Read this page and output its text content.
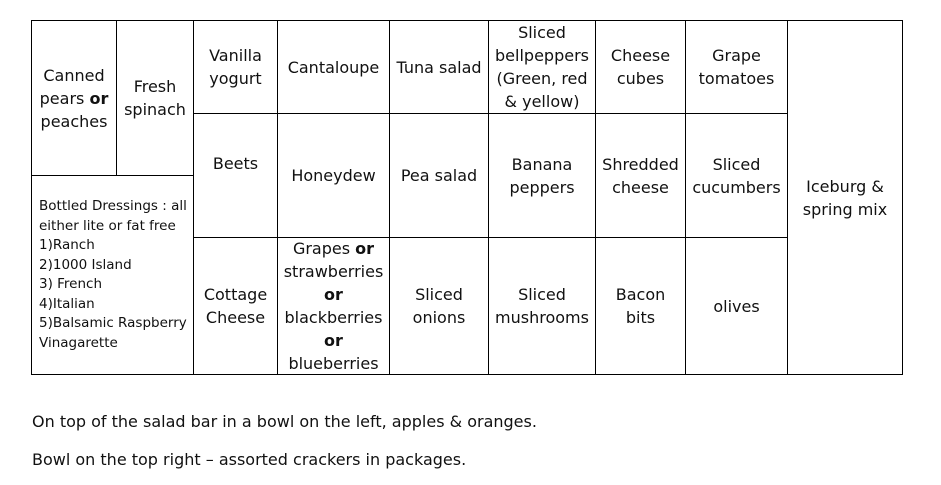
Canned
pears or
peaches
Fresh
spinach
Vanilla
yogurt
Cantaloupe Tuna salad
Sliced
bellpeppers
(Green, red
& yellow)
Cheese
cubes
Grape
tomatoes
Iceburg &
spring mix
Beets
Honeydew Pea salad
Banana
peppers
Shredded
cheese
Sliced
cucumbers
Bottled Dressings : all
either lite or fat free
1)Ranch
2)1000 Island
3) French
4)Italian
5)Balsamic Raspberry
Vinagarette
Cottage
Cheese
Grapes or
strawberries
or
blackberries
or
blueberries
Sliced
onions
Sliced
mushrooms
Bacon
bits
olives
On top of the salad bar in a bowl on the left, apples & oranges.
Bowl on the top right – assorted crackers in packages.
